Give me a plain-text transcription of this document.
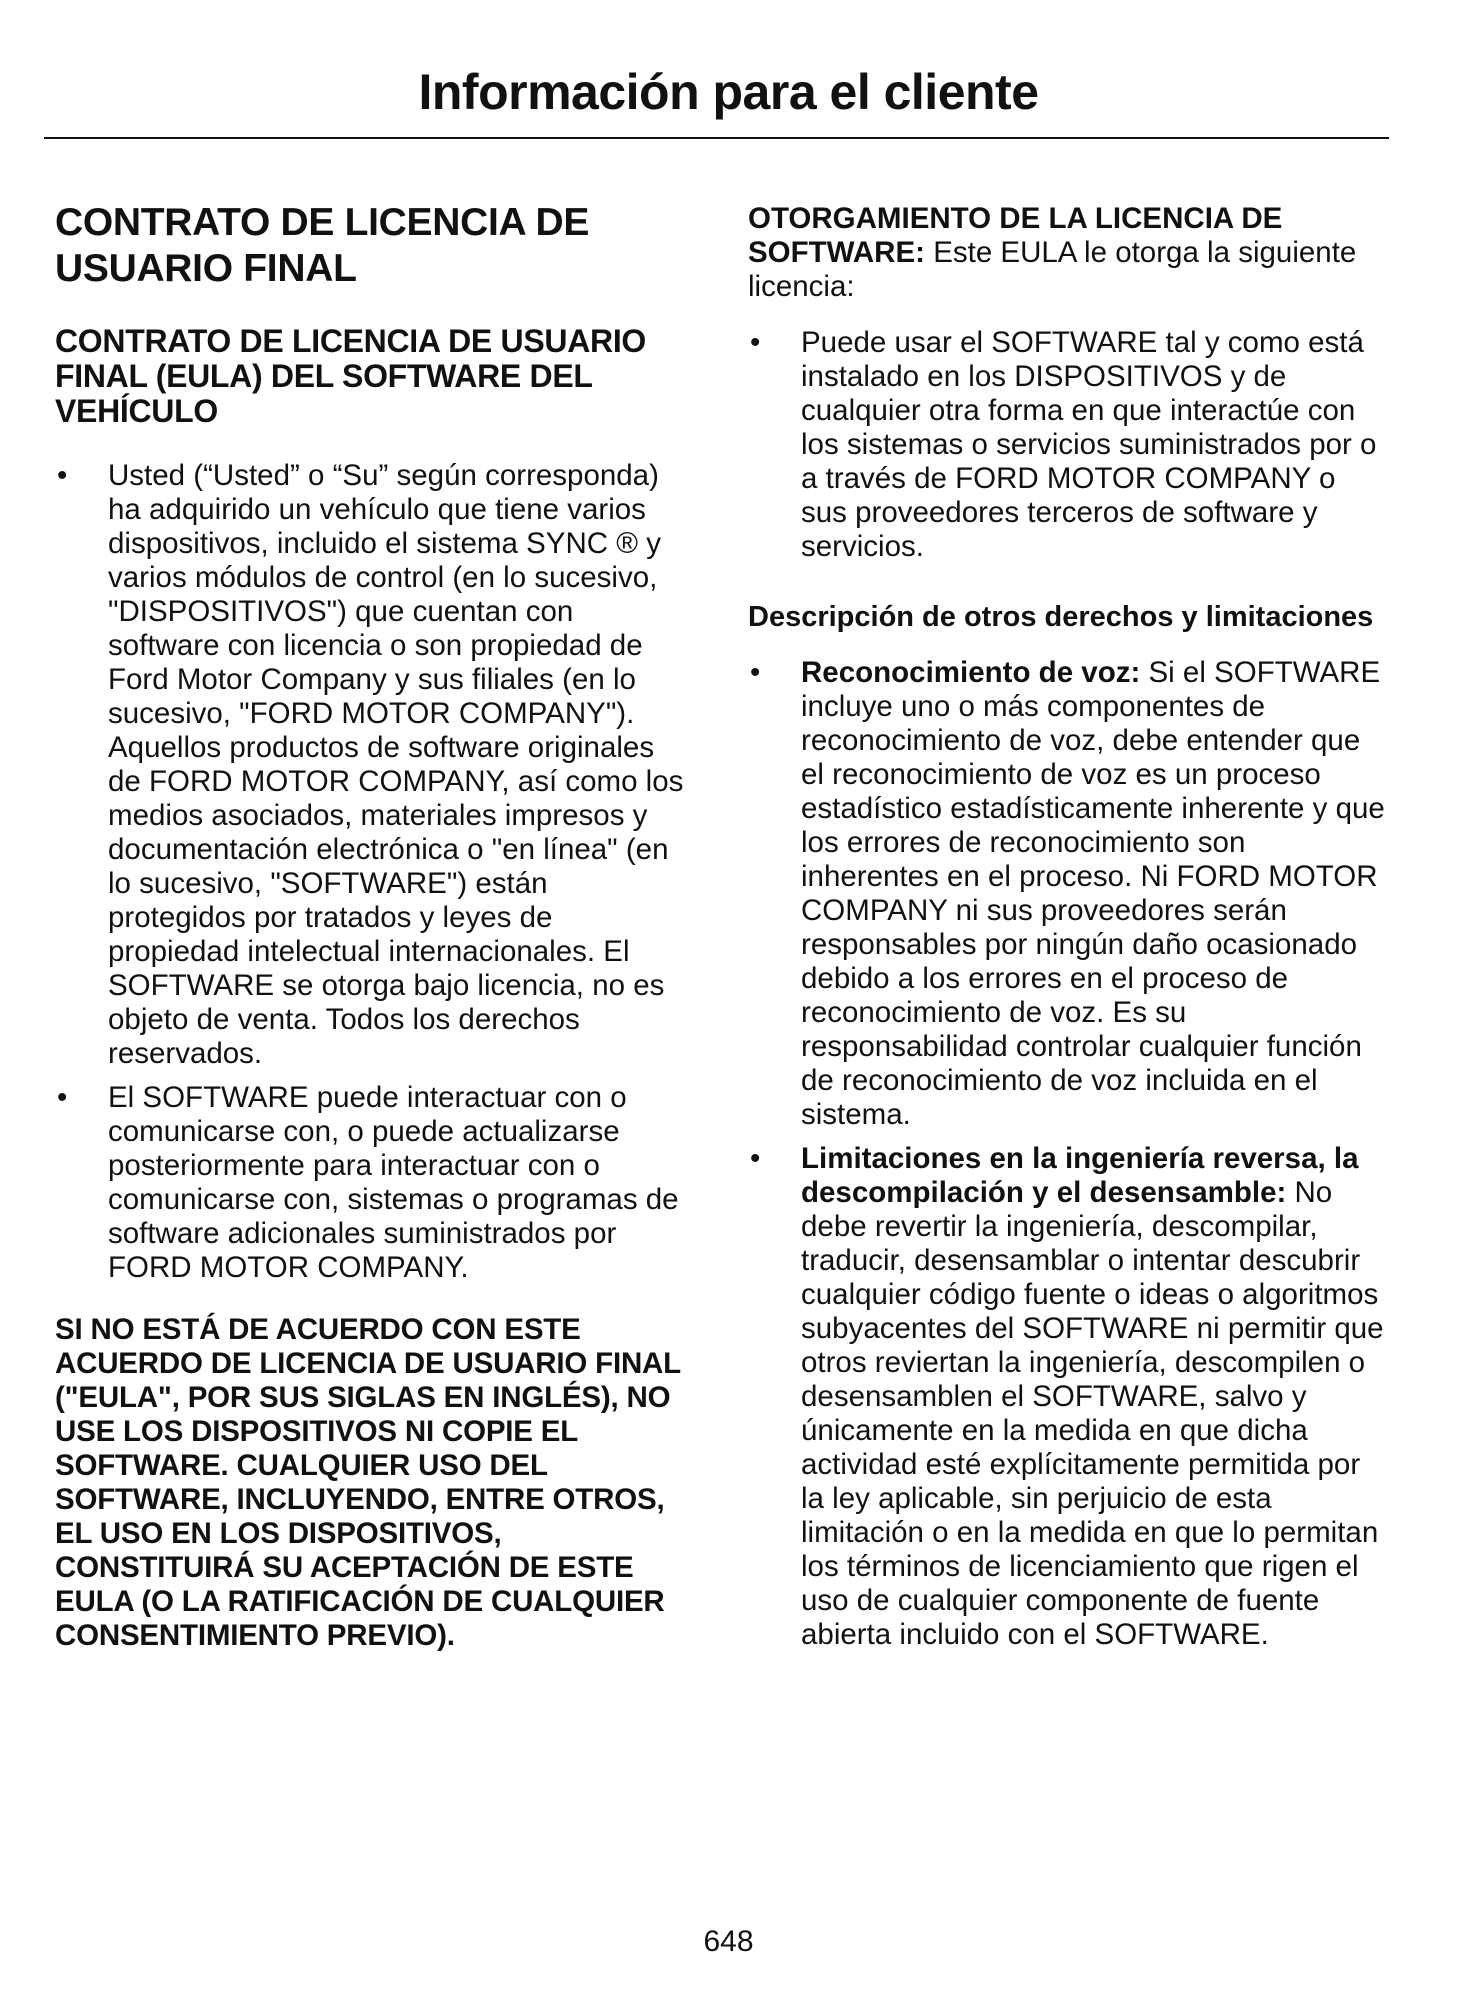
Información para el cliente
CONTRATO DE LICENCIA DE USUARIO FINAL
CONTRATO DE LICENCIA DE USUARIO FINAL (EULA) DEL SOFTWARE DEL VEHÍCULO
•	Usted (“Usted” o “Su” según corresponda) ha adquirido un vehículo que tiene varios dispositivos, incluido el sistema SYNC ® y varios módulos de control (en lo sucesivo, "DISPOSITIVOS") que cuentan con software con licencia o son propiedad de Ford Motor Company y sus filiales (en lo sucesivo, "FORD MOTOR COMPANY"). Aquellos productos de software originales de FORD MOTOR COMPANY, así como los medios asociados, materiales impresos y documentación electrónica o "en línea" (en lo sucesivo, "SOFTWARE") están protegidos por tratados y leyes de propiedad intelectual internacionales. El SOFTWARE se otorga bajo licencia, no es objeto de venta. Todos los derechos reservados.
•	El SOFTWARE puede interactuar con o comunicarse con, o puede actualizarse posteriormente para interactuar con o comunicarse con, sistemas o programas de software adicionales suministrados por FORD MOTOR COMPANY.
SI NO ESTÁ DE ACUERDO CON ESTE ACUERDO DE LICENCIA DE USUARIO FINAL ("EULA", POR SUS SIGLAS EN INGLÉS), NO USE LOS DISPOSITIVOS NI COPIE EL SOFTWARE. CUALQUIER USO DEL SOFTWARE, INCLUYENDO, ENTRE OTROS, EL USO EN LOS DISPOSITIVOS, CONSTITUIRÁ SU ACEPTACIÓN DE ESTE EULA (O LA RATIFICACIÓN DE CUALQUIER CONSENTIMIENTO PREVIO).
OTORGAMIENTO DE LA LICENCIA DE SOFTWARE: Este EULA le otorga la siguiente licencia:
•	Puede usar el SOFTWARE tal y como está instalado en los DISPOSITIVOS y de cualquier otra forma en que interactúe con los sistemas o servicios suministrados por o a través de FORD MOTOR COMPANY o sus proveedores terceros de software y servicios.
Descripción de otros derechos y limitaciones
•	Reconocimiento de voz: Si el SOFTWARE incluye uno o más componentes de reconocimiento de voz, debe entender que el reconocimiento de voz es un proceso estadístico estadísticamente inherente y que los errores de reconocimiento son inherentes en el proceso. Ni FORD MOTOR COMPANY ni sus proveedores serán responsables por ningún daño ocasionado debido a los errores en el proceso de reconocimiento de voz. Es su responsabilidad controlar cualquier función de reconocimiento de voz incluida en el sistema.
•	Limitaciones en la ingeniería reversa, la descompilación y el desensamble: No debe revertir la ingeniería, descompilar, traducir, desensamblar o intentar descubrir cualquier código fuente o ideas o algoritmos subyacentes del SOFTWARE ni permitir que otros reviertan la ingeniería, descompilen o desensamblen el SOFTWARE, salvo y únicamente en la medida en que dicha actividad esté explícitamente permitida por la ley aplicable, sin perjuicio de esta limitación o en la medida en que lo permitan los términos de licenciamiento que rigen el uso de cualquier componente de fuente abierta incluido con el SOFTWARE.
648
